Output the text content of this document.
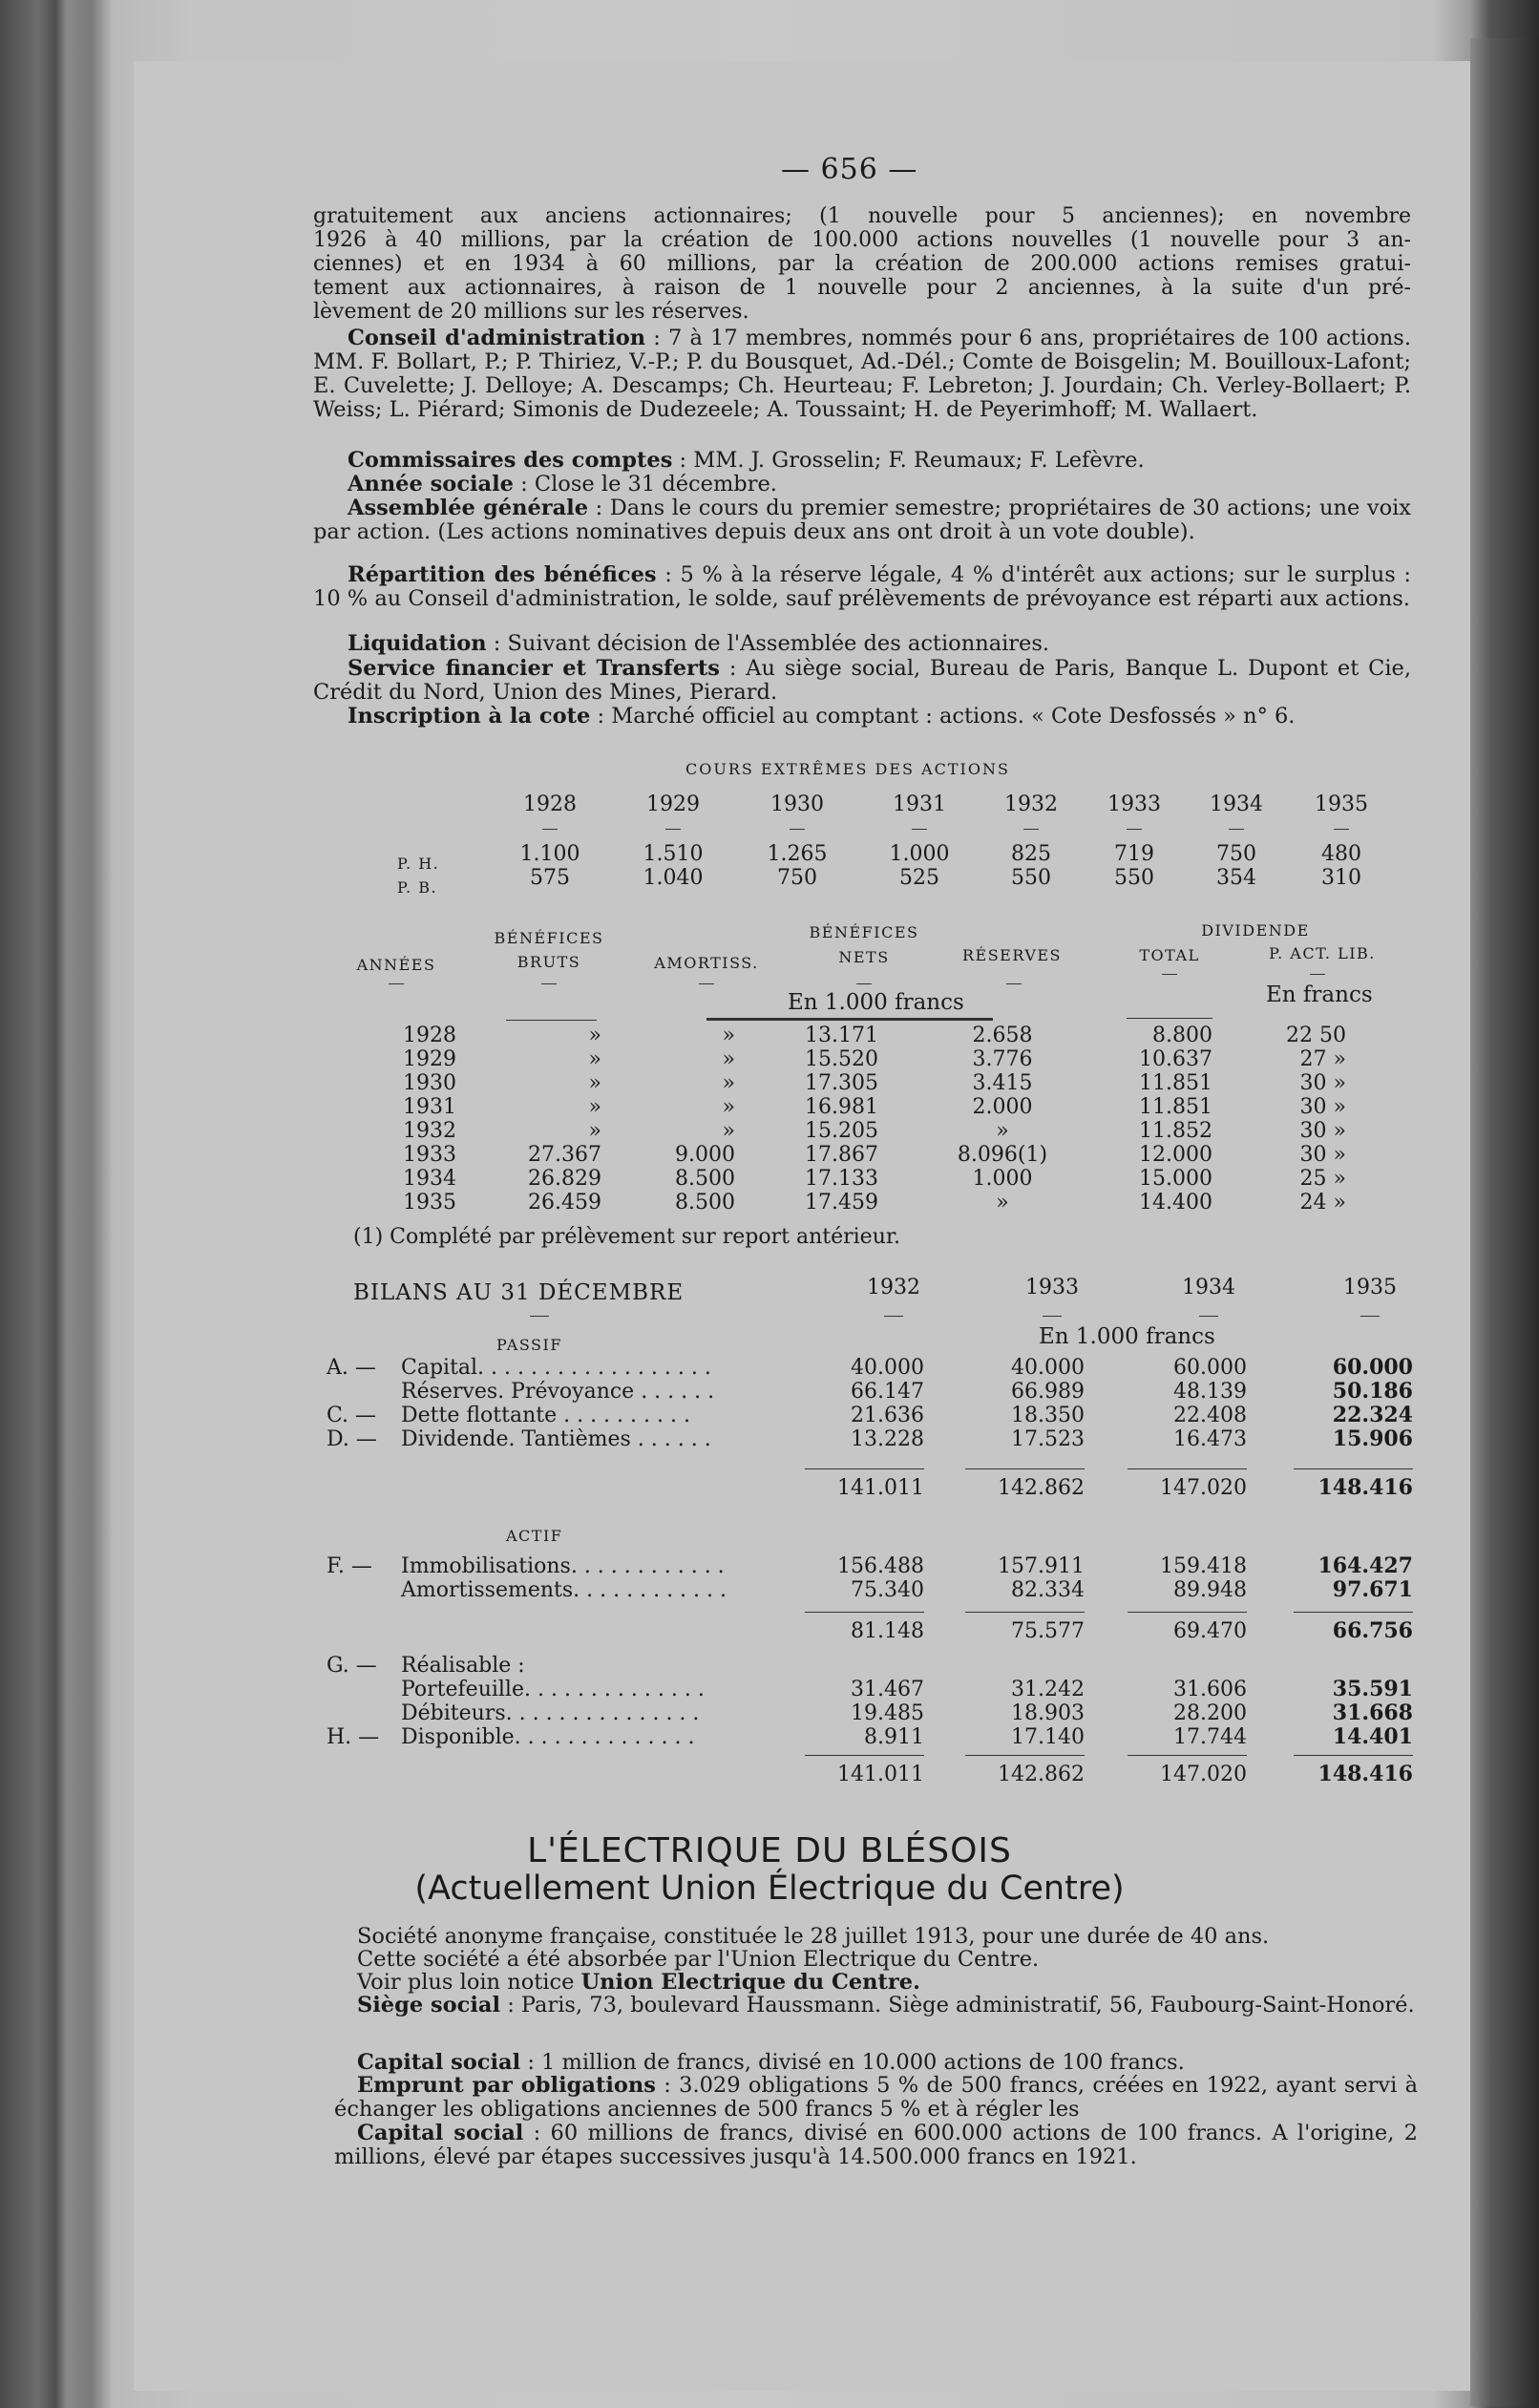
— 656 —
gratuitement aux anciens actionnaires; (1 nouvelle pour 5 anciennes); en novembre
1926 à 40 millions, par la création de 100.000 actions nouvelles (1 nouvelle pour 3 an-
ciennes) et en 1934 à 60 millions, par la création de 200.000 actions remises gratui-
tement aux actionnaires, à raison de 1 nouvelle pour 2 anciennes, à la suite d'un pré-
lèvement de 20 millions sur les réserves.
Conseil d'administration : 7 à 17 membres, nommés pour 6 ans, propriétaires de 100 actions. MM. F. Bollart, P.; P. Thiriez, V.-P.; P. du Bousquet, Ad.-Dél.; Comte de Boisgelin; M. Bouilloux-Lafont; E. Cuvelette; J. Delloye; A. Descamps; Ch. Heurteau; F. Lebreton; J. Jourdain; Ch. Verley-Bollaert; P. Weiss; L. Piérard; Simonis de Dudezeele; A. Toussaint; H. de Peyerimhoff; M. Wallaert.
Commissaires des comptes : MM. J. Grosselin; F. Reumaux; F. Lefèvre.
Année sociale : Close le 31 décembre.
Assemblée générale : Dans le cours du premier semestre; propriétaires de 30 actions; une voix par action. (Les actions nominatives depuis deux ans ont droit à un vote double).
Répartition des bénéfices : 5 % à la réserve légale, 4 % d'intérêt aux actions; sur le surplus : 10 % au Conseil d'administration, le solde, sauf prélèvements de prévoyance est réparti aux actions.
Liquidation : Suivant décision de l'Assemblée des actionnaires.
Service financier et Transferts : Au siège social, Bureau de Paris, Banque L. Dupont et Cie, Crédit du Nord, Union des Mines, Pierard.
Inscription à la cote : Marché officiel au comptant : actions. « Cote Desfossés » n° 6.
COURS EXTRÊMES DES ACTIONS
1928	1929	1930	1931	1932	1933	1934	1935
P. H.	1.100	1.510	1.265	1.000	825	719	750	480
P. B.	575	1.040	750	525	550	550	354	310
ANNÉES
BÉNÉFICES
BRUTS	AMORTISS.
BÉNÉFICES
NETS	RÉSERVES
DIVIDENDE
TOTAL	P. ACT. LIB.
En 1.000 francs	En francs
1928	»	»	13.171	2.658	8.800	22 50
1929	»	»	15.520	3.776	10.637	27 »
1930	»	»	17.305	3.415	11.851	30 »
1931	»	»	16.981	2.000	11.851	30 »
1932	»	»	15.205	»	11.852	30 »
1933	27.367	9.000	17.867	8.096(1)	12.000	30 »
1934	26.829	8.500	17.133	1.000	15.000	25 »
1935	26.459	8.500	17.459	»	14.400	24 »
(1) Complété par prélèvement sur report antérieur.
BILANS AU 31 DÉCEMBRE	1932	1933	1934	1935
En 1.000 francs
PASSIF
A. — Capital. . . . . . . . . . . . . . . . . .	40.000	40.000	60.000	60.000
Réserves. Prévoyance . . . . . .	66.147	66.989	48.139	50.186
C. — Dette flottante . . . . . . . . . .	21.636	18.350	22.408	22.324
D. — Dividende. Tantièmes . . . . . .	13.228	17.523	16.473	15.906
141.011	142.862	147.020	148.416
ACTIF
F. — Immobilisations. . . . . . . . . . . .	156.488	157.911	159.418	164.427
Amortissements. . . . . . . . . . . .	75.340	82.334	89.948	97.671
81.148	75.577	69.470	66.756
G. — Réalisable :
Portefeuille. . . . . . . . . . . . . .	31.467	31.242	31.606	35.591
Débiteurs. . . . . . . . . . . . . . .	19.485	18.903	28.200	31.668
H. — Disponible. . . . . . . . . . . . . .	8.911	17.140	17.744	14.401
141.011	142.862	147.020	148.416
L'ÉLECTRIQUE DU BLÉSOIS
(Actuellement Union Électrique du Centre)
Société anonyme française, constituée le 28 juillet 1913, pour une durée de 40 ans.
Cette société a été absorbée par l'Union Electrique du Centre.
Voir plus loin notice Union Electrique du Centre.
Siège social : Paris, 73, boulevard Haussmann. Siège administratif, 56, Faubourg-Saint-Honoré.
Capital social : 1 million de francs, divisé en 10.000 actions de 100 francs.
Emprunt par obligations : 3.029 obligations 5 % de 500 francs, créées en 1922, ayant servi à échanger les obligations anciennes de 500 francs 5 % et à régler les
Capital social : 60 millions de francs, divisé en 600.000 actions de 100 francs. A l'origine, 2 millions, élevé par étapes successives jusqu'à 14.500.000 francs en 1921.
